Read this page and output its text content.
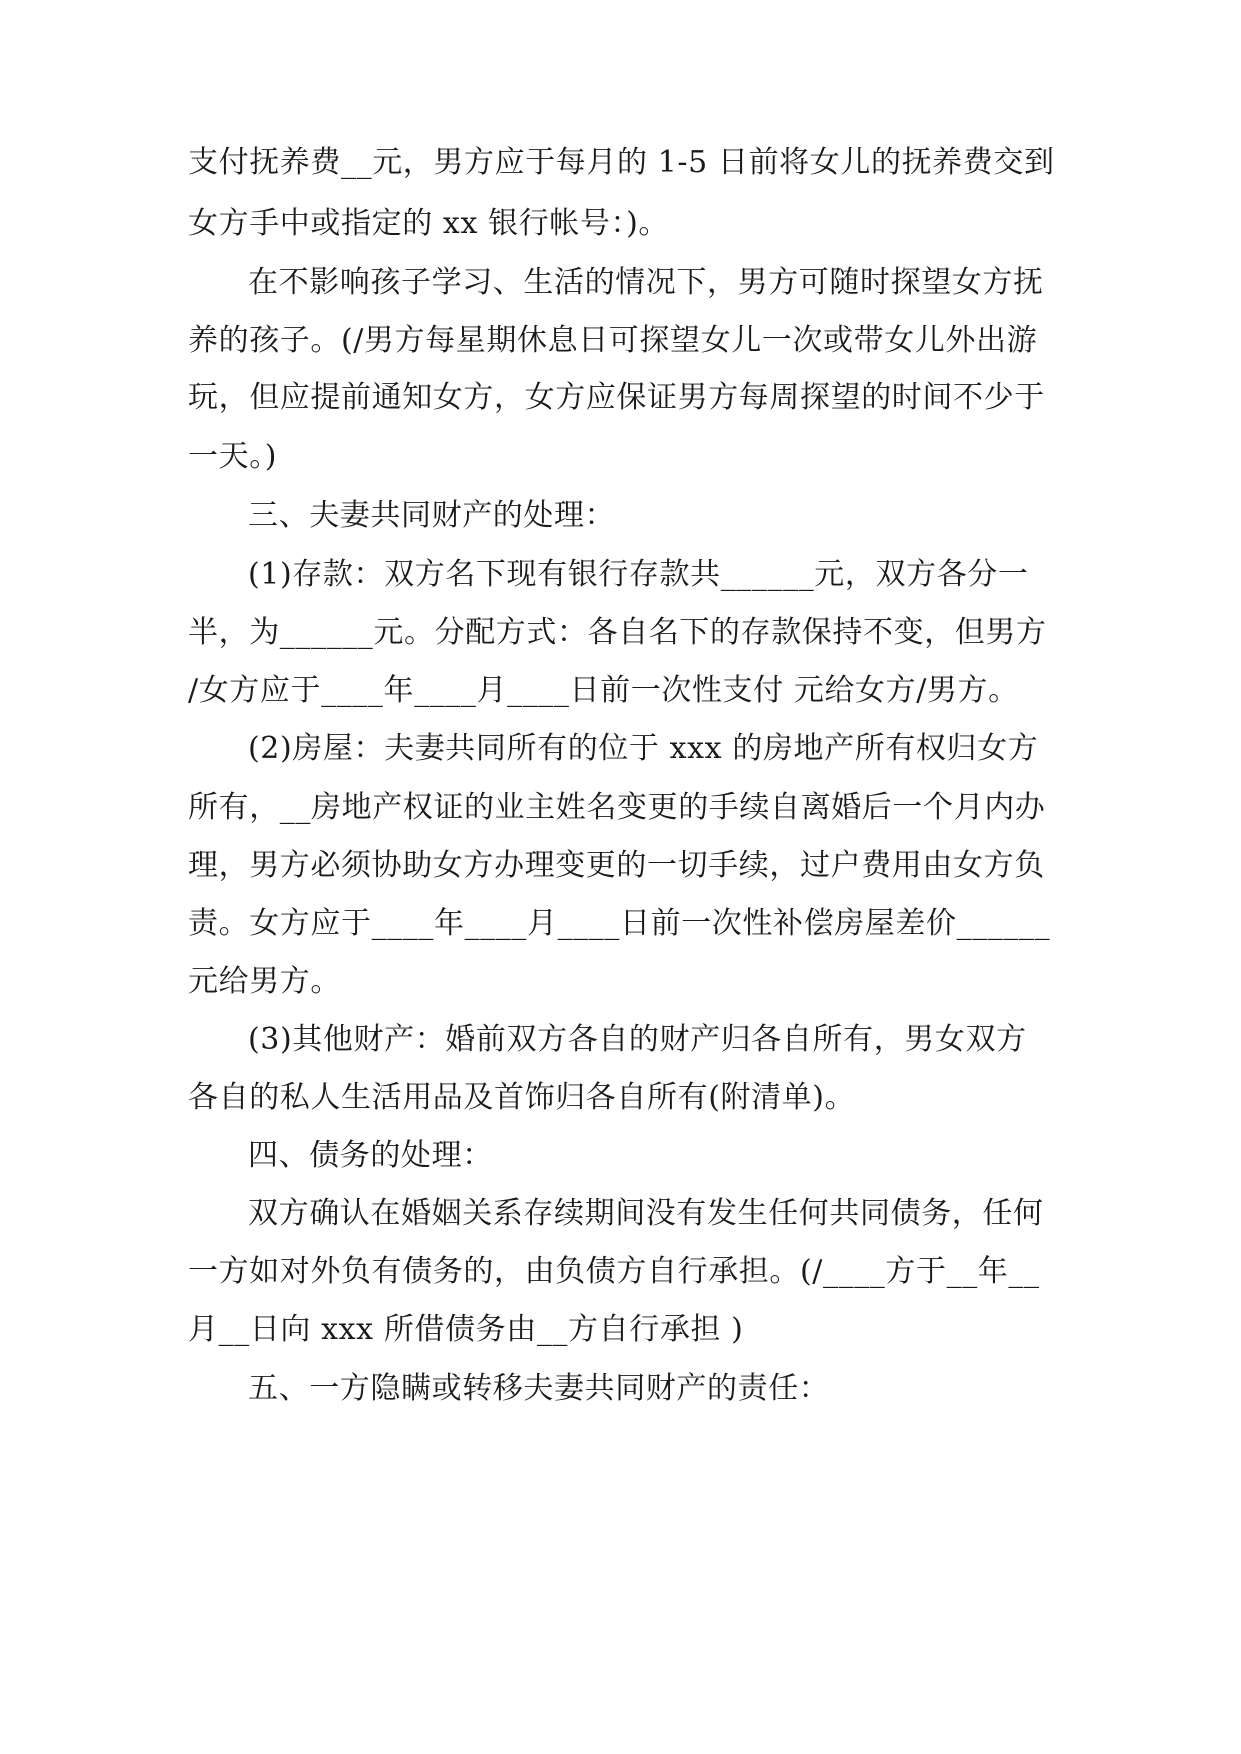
支付抚养费__元，男方应于每月的 1-5 日前将女儿的抚养费交到
女方手中或指定的 xx 银行帐号：)。
在不影响孩子学习、生活的情况下，男方可随时探望女方抚
养的孩子。(/男方每星期休息日可探望女儿一次或带女儿外出游
玩，但应提前通知女方，女方应保证男方每周探望的时间不少于
一天。)
三、夫妻共同财产的处理：
(1)存款：双方名下现有银行存款共______元，双方各分一
半，为______元。分配方式：各自名下的存款保持不变，但男方
/女方应于____年____月____日前一次性支付 元给女方/男方。
(2)房屋：夫妻共同所有的位于 xxx 的房地产所有权归女方
所有，__房地产权证的业主姓名变更的手续自离婚后一个月内办
理，男方必须协助女方办理变更的一切手续，过户费用由女方负
责。女方应于____年____月____日前一次性补偿房屋差价______
元给男方。
(3)其他财产：婚前双方各自的财产归各自所有，男女双方
各自的私人生活用品及首饰归各自所有(附清单)。
四、债务的处理：
双方确认在婚姻关系存续期间没有发生任何共同债务，任何
一方如对外负有债务的，由负债方自行承担。(/____方于__年__
月__日向 xxx 所借债务由__方自行承担 )
五、一方隐瞒或转移夫妻共同财产的责任：
